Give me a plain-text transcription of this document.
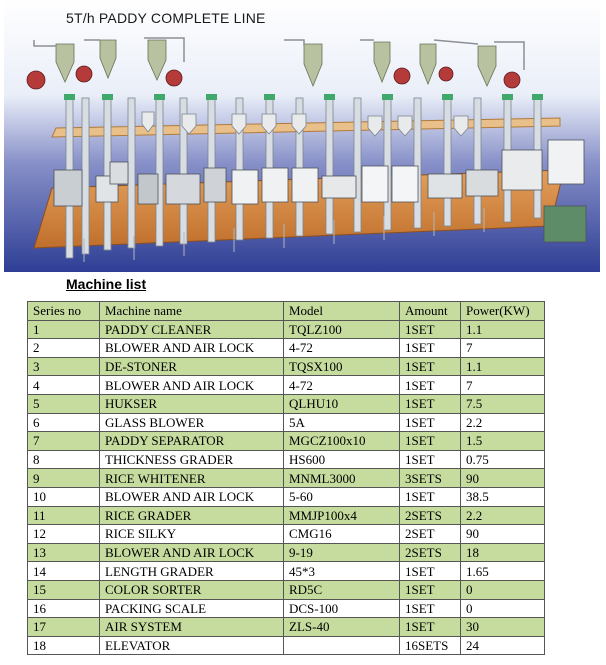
5T/h PADDY COMPLETE LINE
Machine list
Series no	Machine name	Model	Amount	Power(KW)
1	PADDY CLEANER	TQLZ100	1SET	1.1
2	BLOWER AND AIR LOCK	4-72	1SET	7
3	DE-STONER	TQSX100	1SET	1.1
4	BLOWER AND AIR LOCK	4-72	1SET	7
5	HUKSER	QLHU10	1SET	7.5
6	GLASS BLOWER	5A	1SET	2.2
7	PADDY SEPARATOR	MGCZ100x10	1SET	1.5
8	THICKNESS GRADER	HS600	1SET	0.75
9	RICE WHITENER	MNML3000	3SETS	90
10	BLOWER AND AIR LOCK	5-60	1SET	38.5
11	RICE GRADER	MMJP100x4	2SETS	2.2
12	RICE SILKY	CMG16	2SET	90
13	BLOWER AND AIR LOCK	9-19	2SETS	18
14	LENGTH GRADER	45*3	1SET	1.65
15	COLOR SORTER	RD5C	1SET	0
16	PACKING SCALE	DCS-100	1SET	0
17	AIR SYSTEM	ZLS-40	1SET	30
18	ELEVATOR		16SETS	24
